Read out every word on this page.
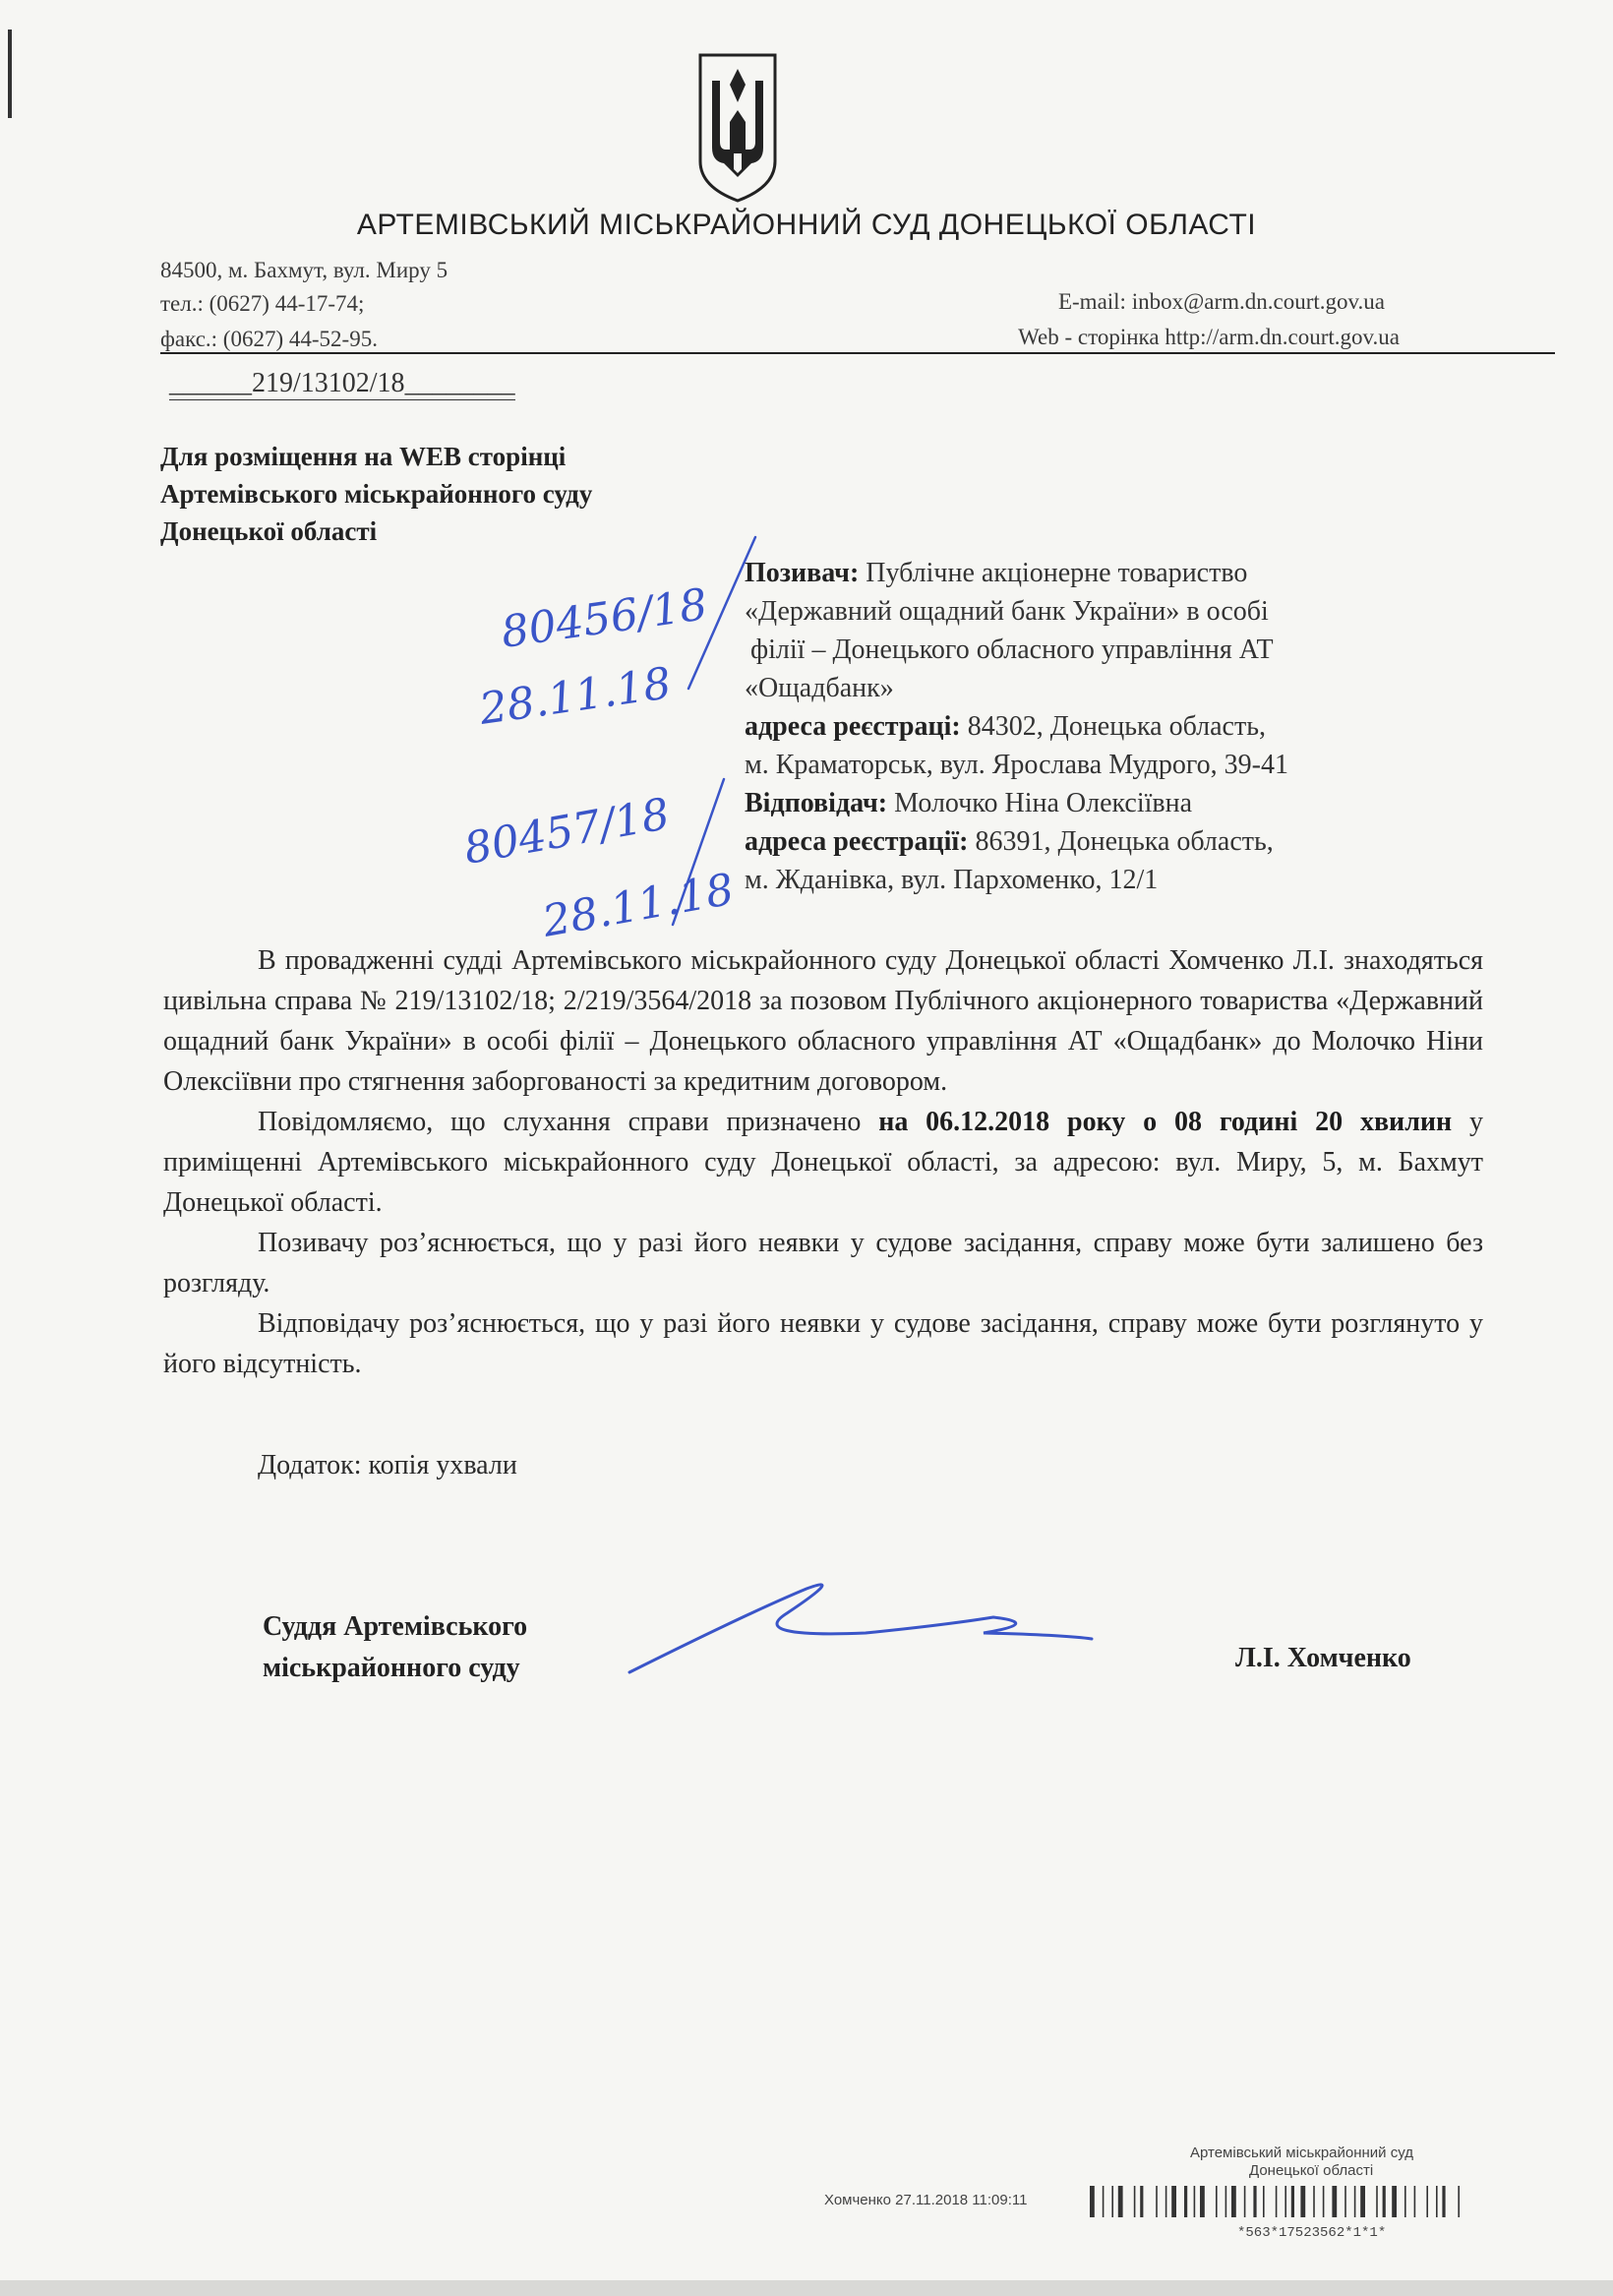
АРТЕМІВСЬКИЙ МІСЬКРАЙОННИЙ СУД ДОНЕЦЬКОЇ ОБЛАСТІ
84500, м. Бахмут, вул. Миру 5
тел.: (0627) 44-17-74;
факс.: (0627) 44-52-95.
E-mail: inbox@arm.dn.court.gov.ua
Web - сторінка http://arm.dn.court.gov.ua
______219/13102/18________
Для розміщення на WEB сторінці
Артемівського міськрайонного суду
Донецької області
Позивач: Публічне акціонерне товариство
«Державний ощадний банк України» в особі
філії – Донецького обласного управління АТ
«Ощадбанк»
адреса реєстраці: 84302, Донецька область,
м. Краматорськ, вул. Ярослава Мудрого, 39-41
Відповідач: Молочко Ніна Олексіївна
адреса реєстрації: 86391, Донецька область,
м. Жданівка, вул. Пархоменко, 12/1

В провадженні судді Артемівського міськрайонного суду Донецької області Хомченко Л.І. знаходяться цивільна справа № 219/13102/18; 2/219/3564/2018 за позовом Публічного акціонерного товариства «Державний ощадний банк України» в особі філії – Донецького обласного управління АТ «Ощадбанк» до Молочко Ніни Олексіївни про стягнення заборгованості за кредитним договором.

Повідомляємо, що слухання справи призначено на 06.12.2018 року о 08 годині 20 хвилин у приміщенні Артемівського міськрайонного суду Донецької області, за адресою: вул. Миру, 5, м. Бахмут Донецької області.

Позивачу роз’яснюється, що у разі його неявки у судове засідання, справу може бути залишено без розгляду.

Відповідачу роз’яснюється, що у разі його неявки у судове засідання, справу може бути розглянуто у його відсутність.

Додаток: копія ухвали
Суддя Артемівського
міськрайонного суду	Л.І. Хомченко
80456/18
28.11.18
80457/18
28.11.18
Артемівський міськрайонний суд
Донецької області
Хомченко 27.11.2018 11:09:11
*563*17523562*1*1*
